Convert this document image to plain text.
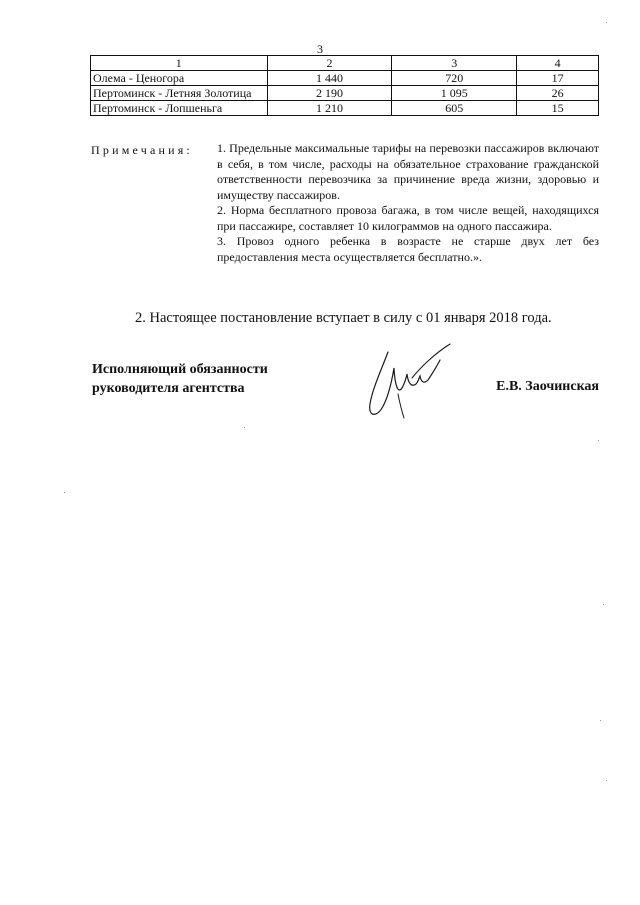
3
1	2	3	4
Олема - Ценогора	1 440	720	17
Пертоминск - Летняя Золотица	2 190	1 095	26
Пертоминск - Лопшеньга	1 210	605	15
Примечания: 1. Предельные максимальные тарифы на перевозки пассажиров включают в себя, в том числе, расходы на обязательное страхование гражданской ответственности перевозчика за причинение вреда жизни, здоровью и имуществу пассажиров.

2. Норма бесплатного провоза багажа, в том числе вещей, находящихся при пассажире, составляет 10 килограммов на одного пассажира.

3. Провоз одного ребенка в возрасте не старше двух лет без предоставления места осуществляется бесплатно.».

2. Настоящее постановление вступает в силу с 01 января 2018 года.
Исполняющий обязанности
руководителя агентства	Е.В. Заочинская
